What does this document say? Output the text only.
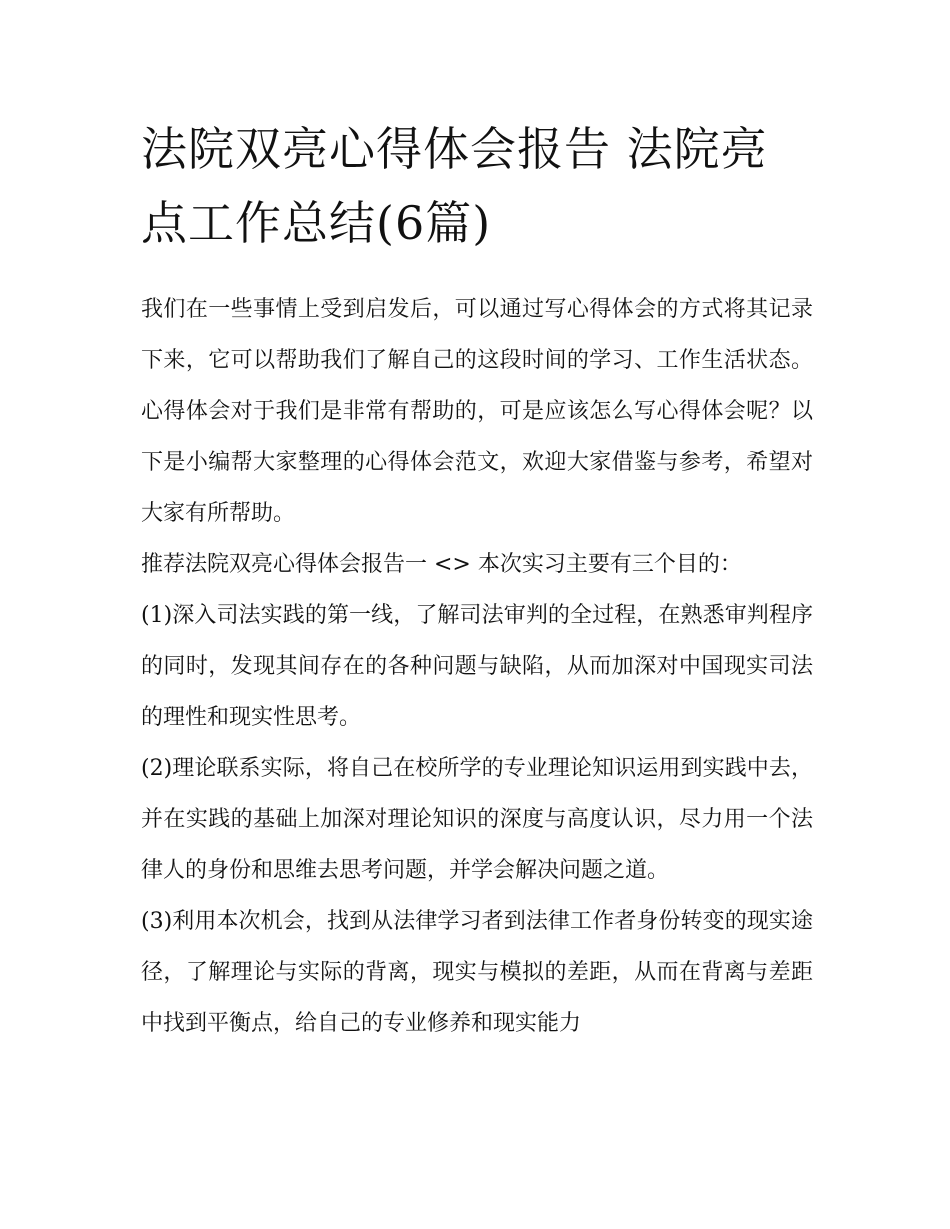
法院双亮心得体会报告 法院亮点工作总结(6篇)

我们在一些事情上受到启发后，可以通过写心得体会的方式将其记录下来，它可以帮助我们了解自己的这段时间的学习、工作生活状态。心得体会对于我们是非常有帮助的，可是应该怎么写心得体会呢？以下是小编帮大家整理的心得体会范文，欢迎大家借鉴与参考，希望对大家有所帮助。

推荐法院双亮心得体会报告一 <> 本次实习主要有三个目的：

(1)深入司法实践的第一线，了解司法审判的全过程，在熟悉审判程序的同时，发现其间存在的各种问题与缺陷，从而加深对中国现实司法的理性和现实性思考。

(2)理论联系实际，将自己在校所学的专业理论知识运用到实践中去，并在实践的基础上加深对理论知识的深度与高度认识，尽力用一个法律人的身份和思维去思考问题，并学会解决问题之道。

(3)利用本次机会，找到从法律学习者到法律工作者身份转变的现实途径，了解理论与实际的背离，现实与模拟的差距，从而在背离与差距中找到平衡点，给自己的专业修养和现实能力
